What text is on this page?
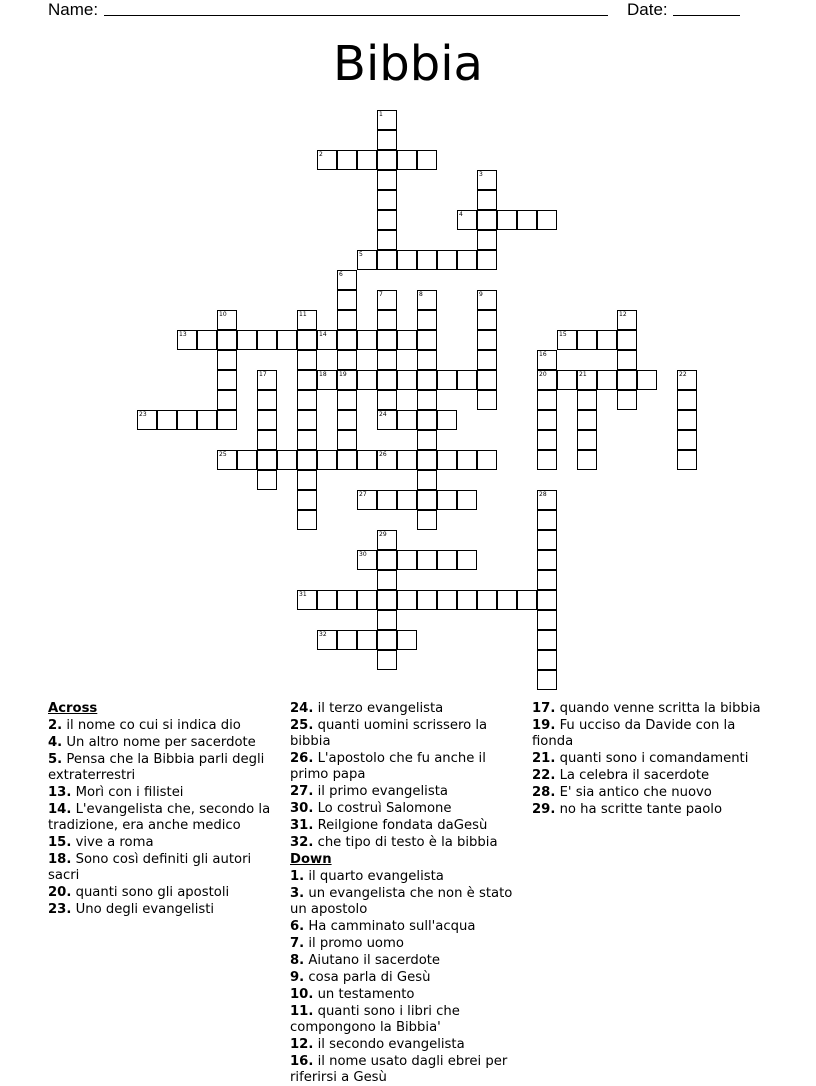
Name:	Date:
Bibbia
1
2
3
4
5
6
19
7
24
8	9
10	11	12
13	14	15
16
20
17	18	21	22
23
25	26
27	28
29
30
31
32
Across
2. il nome co cui si indica dio
4. Un altro nome per sacerdote
5. Pensa che la Bibbia parli degli extraterrestri
13. Morì con i filistei
14. L'evangelista che, secondo la tradizione, era anche medico
15. vive a roma
18. Sono così definiti gli autori sacri
20. quanti sono gli apostoli
23. Uno degli evangelisti
24. il terzo evangelista
25. quanti uomini scrissero la bibbia
26. L'apostolo che fu anche il primo papa
27. il primo evangelista
30. Lo costruì Salomone
31. Reilgione fondata daGesù
32. che tipo di testo è la bibbia
Down
1. il quarto evangelista
3. un evangelista che non è stato un apostolo
6. Ha camminato sull'acqua
7. il promo uomo
8. Aiutano il sacerdote
9. cosa parla di Gesù
10. un testamento
11. quanti sono i libri che compongono la Bibbia'
12. il secondo evangelista
16. il nome usato dagli ebrei per riferirsi a Gesù
17. quando venne scritta la bibbia
19. Fu ucciso da Davide con la fionda
21. quanti sono i comandamenti
22. La celebra il sacerdote
28. E' sia antico che nuovo
29. no ha scritte tante paolo
